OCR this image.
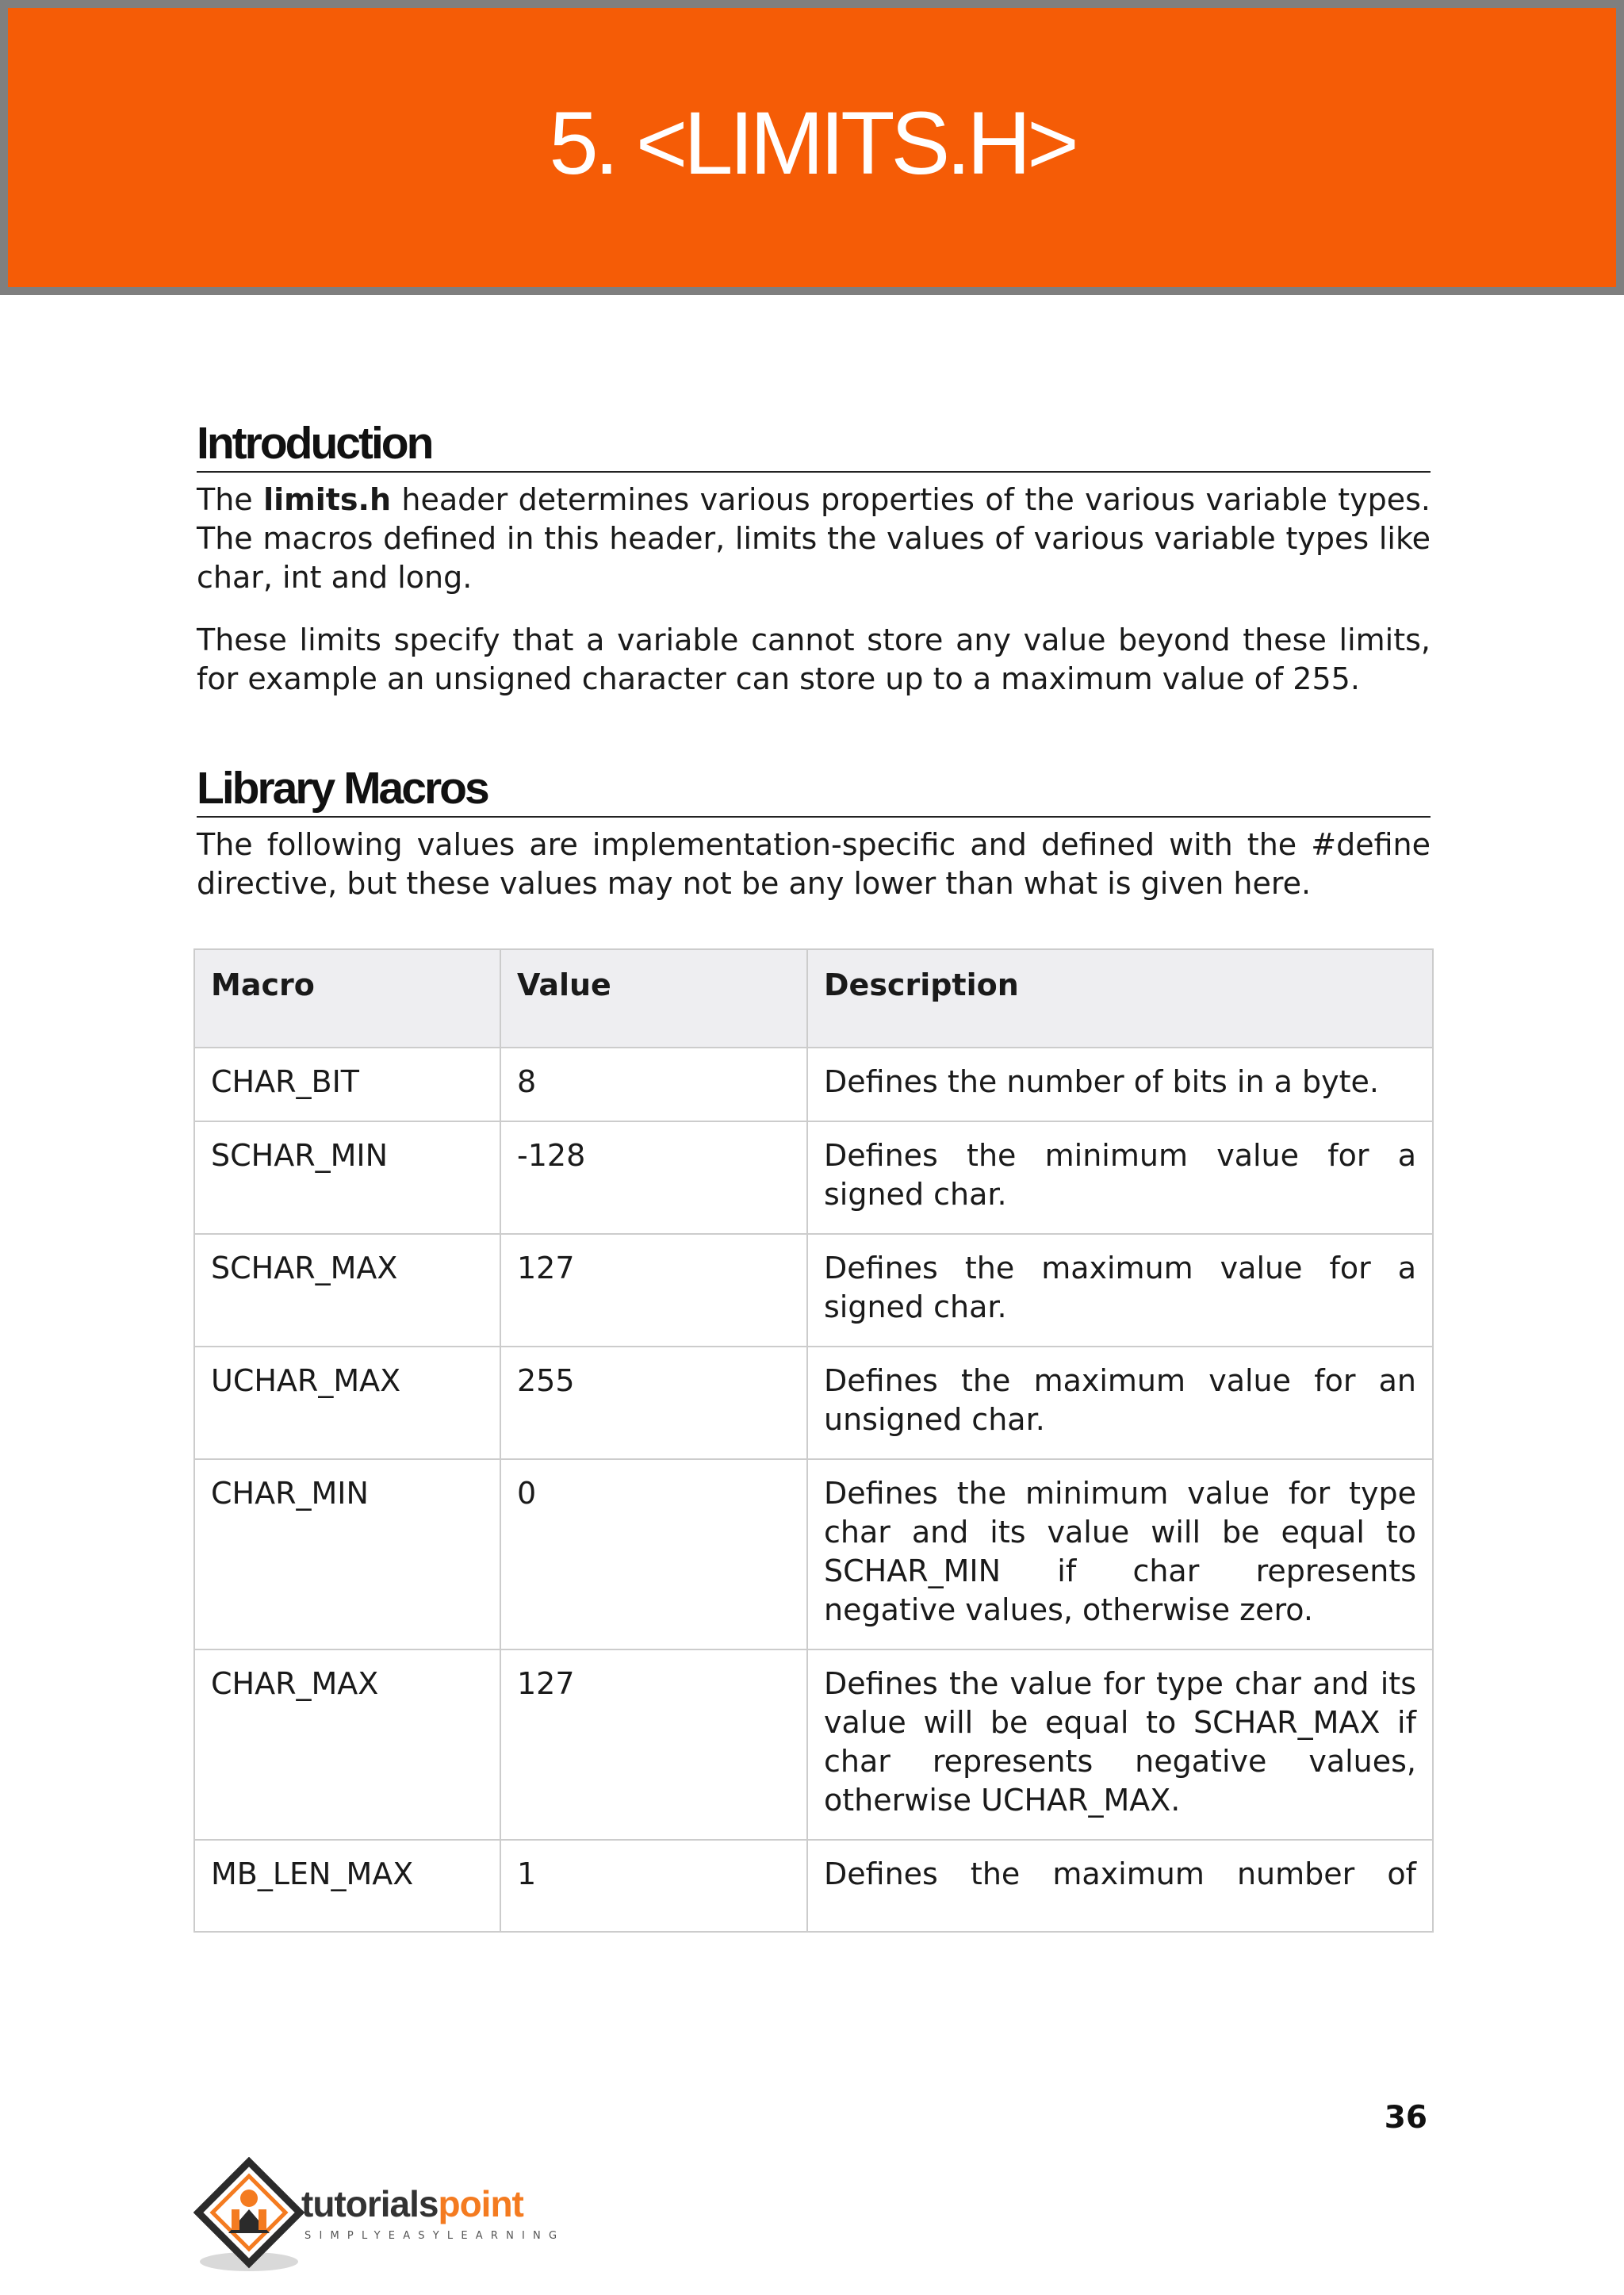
5. <LIMITS.H>
Introduction

The limits.h header determines various properties of the various variable types. The macros defined in this header, limits the values of various variable types like char, int and long.

These limits specify that a variable cannot store any value beyond these limits, for example an unsigned character can store up to a maximum value of 255.

Library Macros

The following values are implementation-specific and defined with the #define directive, but these values may not be any lower than what is given here.

Macro	Value	Description
CHAR_BIT	8	Defines the number of bits in a byte.
SCHAR_MIN	-128	Defines the minimum value for a signed char.
SCHAR_MAX	127	Defines the maximum value for a signed char.
UCHAR_MAX	255	Defines the maximum value for an unsigned char.
CHAR_MIN	0	Defines the minimum value for type char and its value will be equal to SCHAR_MIN if char represents negative values, otherwise zero.
CHAR_MAX	127	Defines the value for type char and its value will be equal to SCHAR_MAX if char represents negative values, otherwise UCHAR_MAX.
MB_LEN_MAX	1	Defines the maximum number of
36
tutorialspoint
SIMPLYEASYLEARNING
